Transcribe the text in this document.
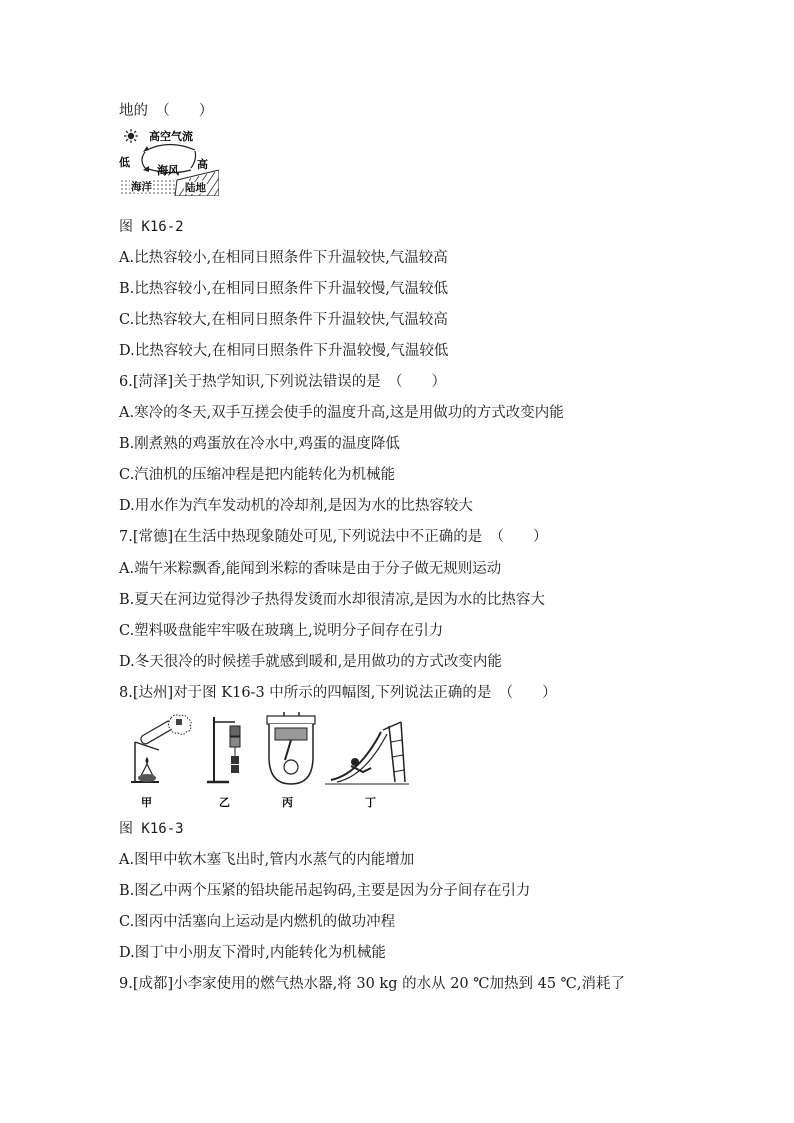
地的　（　　）
高空气流
低	高
海风
海洋	陆地
图 K16-2
A.比热容较小,在相同日照条件下升温较快,气温较高
B.比热容较小,在相同日照条件下升温较慢,气温较低
C.比热容较大,在相同日照条件下升温较快,气温较高
D.比热容较大,在相同日照条件下升温较慢,气温较低
6.[菏泽]关于热学知识,下列说法错误的是　（　　）
A.寒冷的冬天,双手互搓会使手的温度升高,这是用做功的方式改变内能
B.刚煮熟的鸡蛋放在冷水中,鸡蛋的温度降低
C.汽油机的压缩冲程是把内能转化为机械能
D.用水作为汽车发动机的冷却剂,是因为水的比热容较大
7.[常德]在生活中热现象随处可见,下列说法中不正确的是　（　　）
A.端午米粽飘香,能闻到米粽的香味是由于分子做无规则运动
B.夏天在河边觉得沙子热得发烫而水却很清凉,是因为水的比热容大
C.塑料吸盘能牢牢吸在玻璃上,说明分子间存在引力
D.冬天很冷的时候搓手就感到暖和,是用做功的方式改变内能
8.[达州]对于图 K16-3 中所示的四幅图,下列说法正确的是　（　　）
甲	乙	丙	丁
图 K16-3
A.图甲中软木塞飞出时,管内水蒸气的内能增加
B.图乙中两个压紧的铅块能吊起钩码,主要是因为分子间存在引力
C.图丙中活塞向上运动是内燃机的做功冲程
D.图丁中小朋友下滑时,内能转化为机械能
9.[成都]小李家使用的燃气热水器,将 30 kg 的水从 20 ℃加热到 45 ℃,消耗了
